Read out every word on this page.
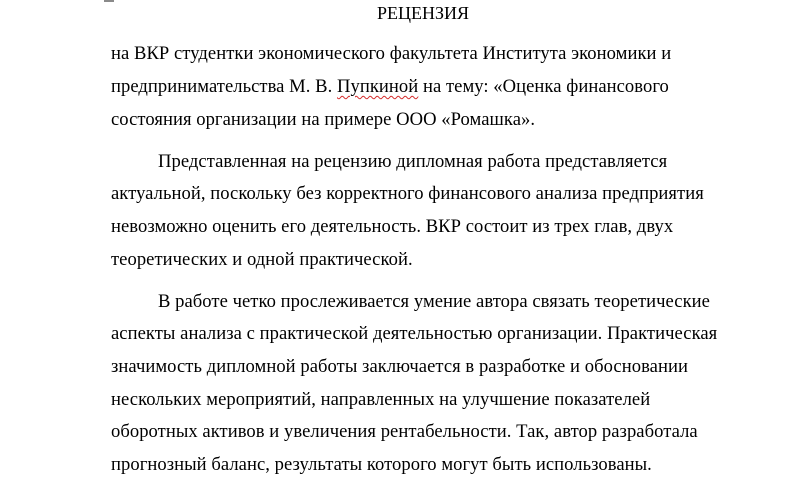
РЕЦЕНЗИЯ
на ВКР студентки экономического факультета Института экономики и
предпринимательства М. В. Пупкиной на тему: «Оценка финансового
состояния организации на примере ООО «Ромашка».
Представленная на рецензию дипломная работа представляется
актуальной, поскольку без корректного финансового анализа предприятия
невозможно оценить его деятельность. ВКР состоит из трех глав, двух
теоретических и одной практической.
В работе четко прослеживается умение автора связать теоретические
аспекты анализа с практической деятельностью организации. Практическая
значимость дипломной работы заключается в разработке и обосновании
нескольких мероприятий, направленных на улучшение показателей
оборотных активов и увеличения рентабельности. Так, автор разработала
прогнозный баланс, результаты которого могут быть использованы.
